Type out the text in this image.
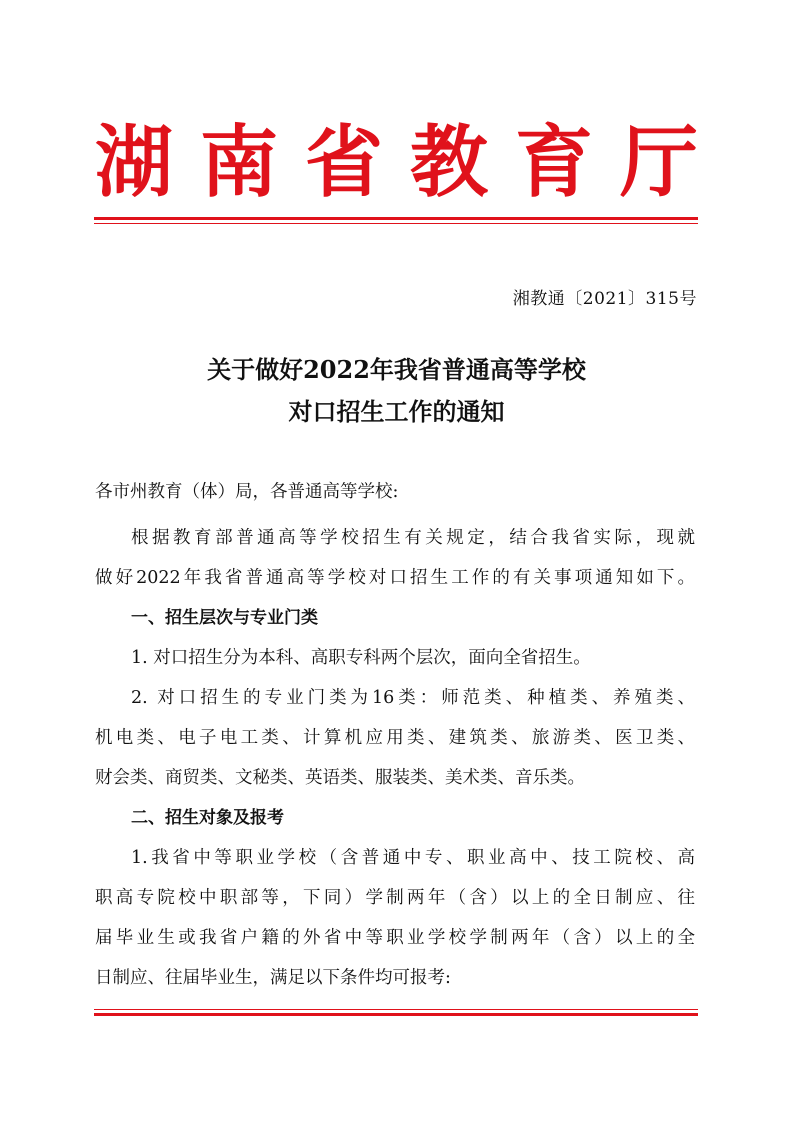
湖 南 省 教 育 厅
湘教通〔2021〕315号
关于做好2022年我省普通高等学校
对口招生工作的通知
各市州教育（体）局，各普通高等学校:
根据教育部普通高等学校招生有关规定，结合我省实际，现就
做好2022年我省普通高等学校对口招生工作的有关事项通知如下。
一、招生层次与专业门类
1. 对口招生分为本科、高职专科两个层次，面向全省招生。
2. 对口招生的专业门类为16类：师范类、种植类、养殖类、
机电类、电子电工类、计算机应用类、建筑类、旅游类、医卫类、
财会类、商贸类、文秘类、英语类、服装类、美术类、音乐类。
二、招生对象及报考
1.我省中等职业学校（含普通中专、职业高中、技工院校、高
职高专院校中职部等，下同）学制两年（含）以上的全日制应、往
届毕业生或我省户籍的外省中等职业学校学制两年（含）以上的全
日制应、往届毕业生，满足以下条件均可报考:
